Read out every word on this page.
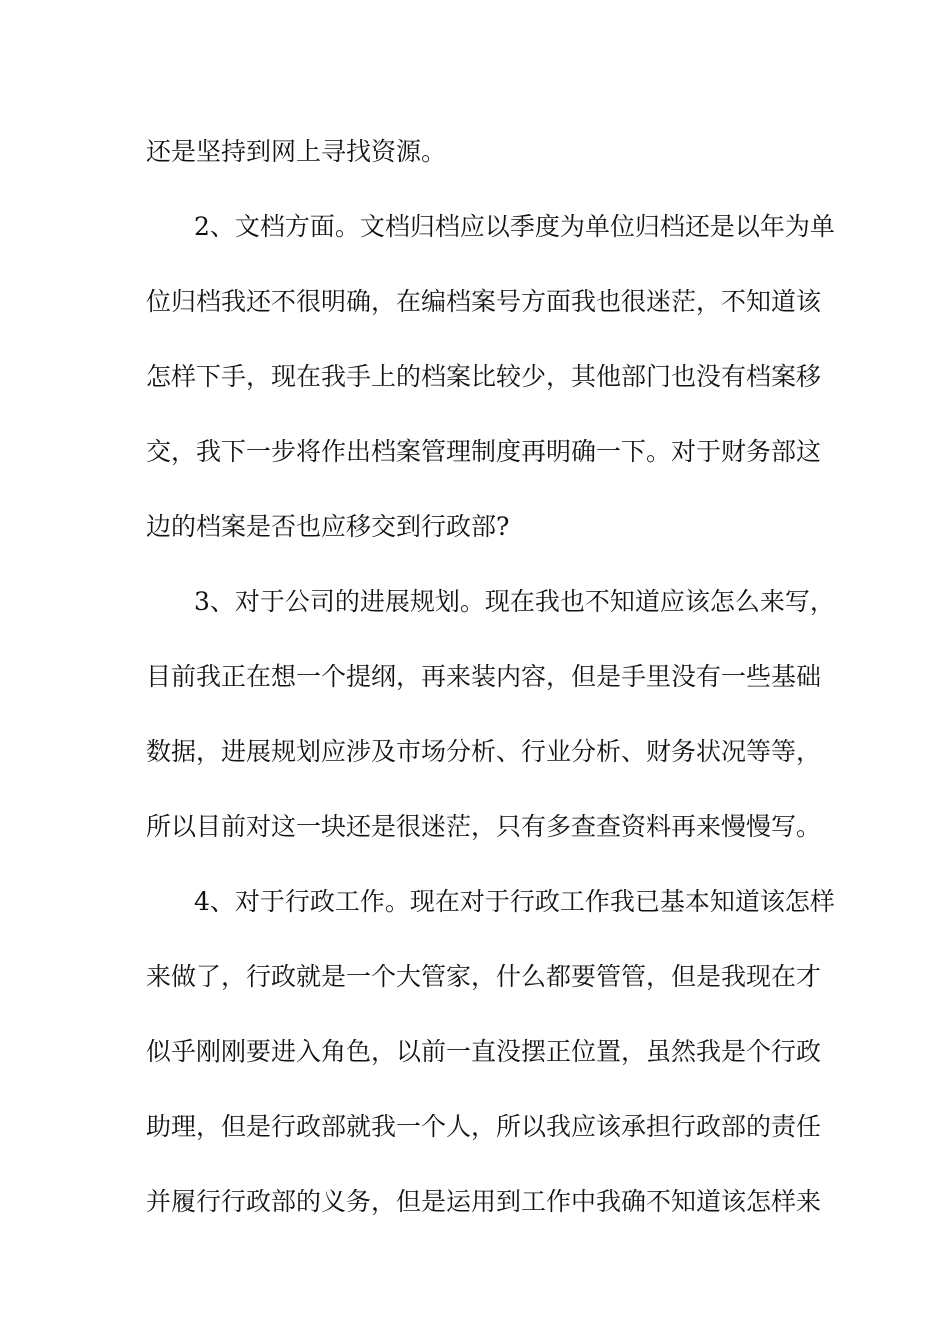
还是坚持到网上寻找资源。
2、文档方面。文档归档应以季度为单位归档还是以年为单
位归档我还不很明确，在编档案号方面我也很迷茫，不知道该
怎样下手，现在我手上的档案比较少，其他部门也没有档案移
交，我下一步将作出档案管理制度再明确一下。对于财务部这
边的档案是否也应移交到行政部?
3、对于公司的进展规划。现在我也不知道应该怎么来写，
目前我正在想一个提纲，再来装内容，但是手里没有一些基础
数据，进展规划应涉及市场分析、行业分析、财务状况等等，
所以目前对这一块还是很迷茫，只有多查查资料再来慢慢写。
4、对于行政工作。现在对于行政工作我已基本知道该怎样
来做了，行政就是一个大管家，什么都要管管，但是我现在才
似乎刚刚要进入角色，以前一直没摆正位置，虽然我是个行政
助理，但是行政部就我一个人，所以我应该承担行政部的责任
并履行行政部的义务，但是运用到工作中我确不知道该怎样来
